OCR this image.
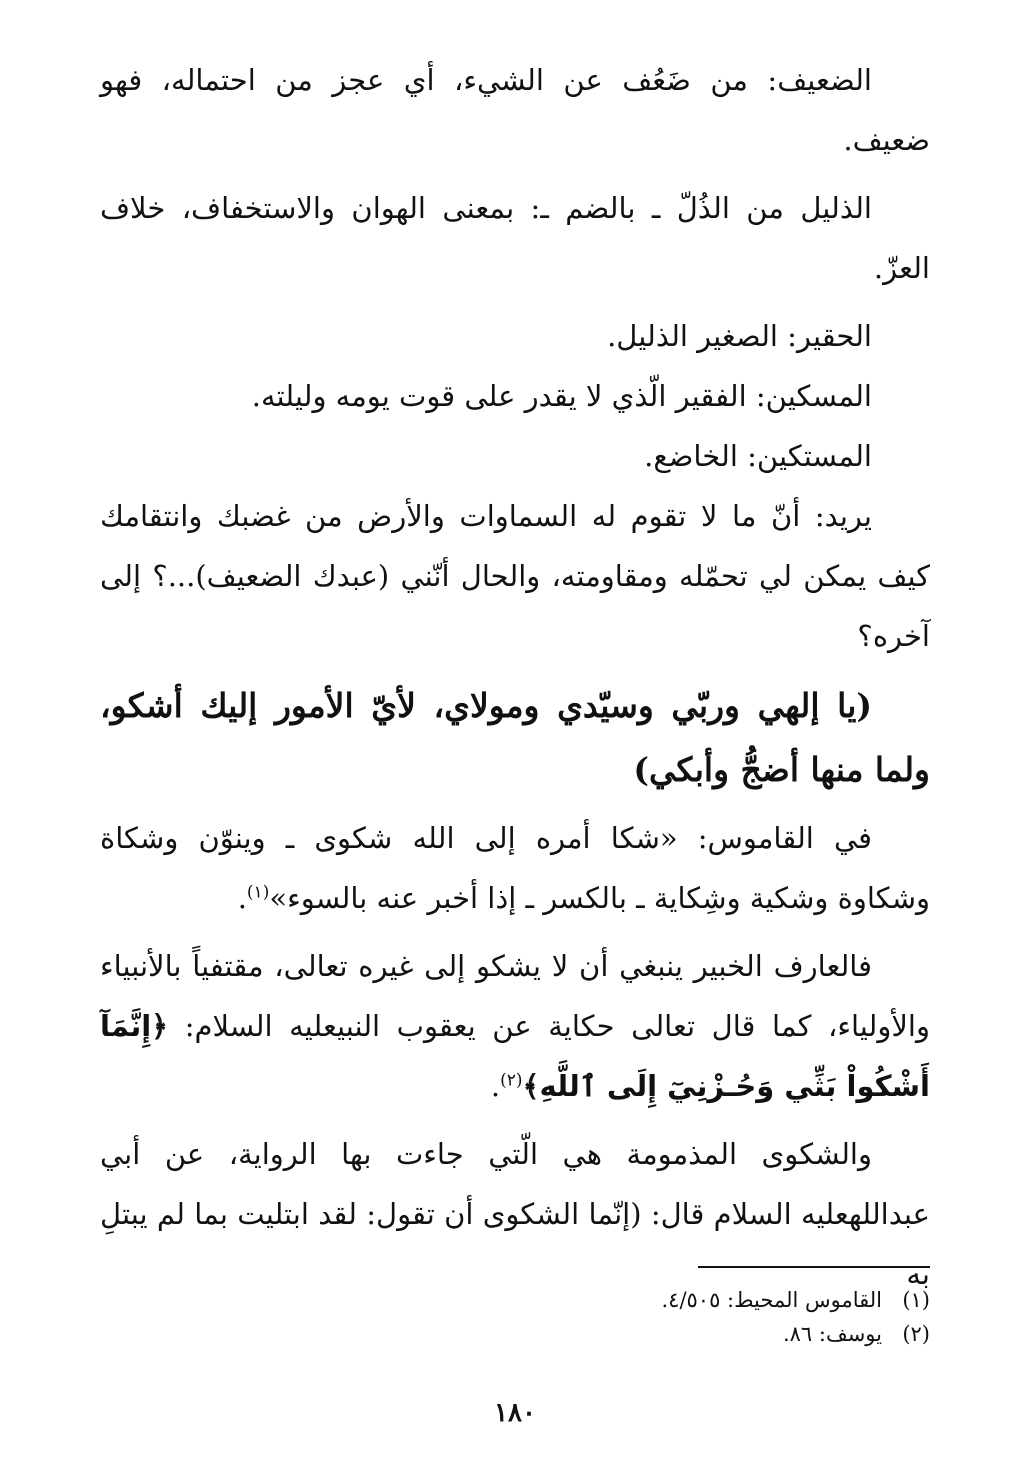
الضعيف: من ضَعُف عن الشيء، أي عجز من احتماله، فهو ضعيف.

الذليل من الذُلّ ـ بالضم ـ: بمعنى الهوان والاستخفاف، خلاف العزّ.

الحقير: الصغير الذليل.

المسكين: الفقير الّذي لا يقدر على قوت يومه وليلته.

المستكين: الخاضع.

يريد: أنّ ما لا تقوم له السماوات والأرض من غضبك وانتقامك كيف يمكن لي تحمّله ومقاومته، والحال أنّني (عبدك الضعيف)...؟ إلى آخره؟

(يا إلهي وربّي وسيّدي ومولاي، لأيّ الأمور إليك أشكو، ولما منها أضجُّ وأبكي)

في القاموس: «شكا أمره إلى الله شكوى ـ وينوّن وشكاة وشكاوة وشكية وشِكاية ـ بالكسر ـ إذا أخبر عنه بالسوء»$^{(١)}$.

فالعارف الخبير ينبغي أن لا يشكو إلى غيره تعالى، مقتفياً بالأنبياء والأولياء، كما قال تعالى حكاية عن يعقوب النبيعليه السلام: ﴿إِنَّمَآ أَشْكُواْ بَثِّي وَحُـزْنِيٓ إِلَى ٱللَّهِ﴾$^{(٢)}$.

والشكوى المذمومة هي الّتي جاءت بها الرواية، عن أبي عبداللهعليه السلام قال: (إنّما الشكوى أن تقول: لقد ابتليت بما لم يبتلِ به

(١)القاموس المحيط: ٤/٥٠٥.
(٢)يوسف: ٨٦.
١٨٠
